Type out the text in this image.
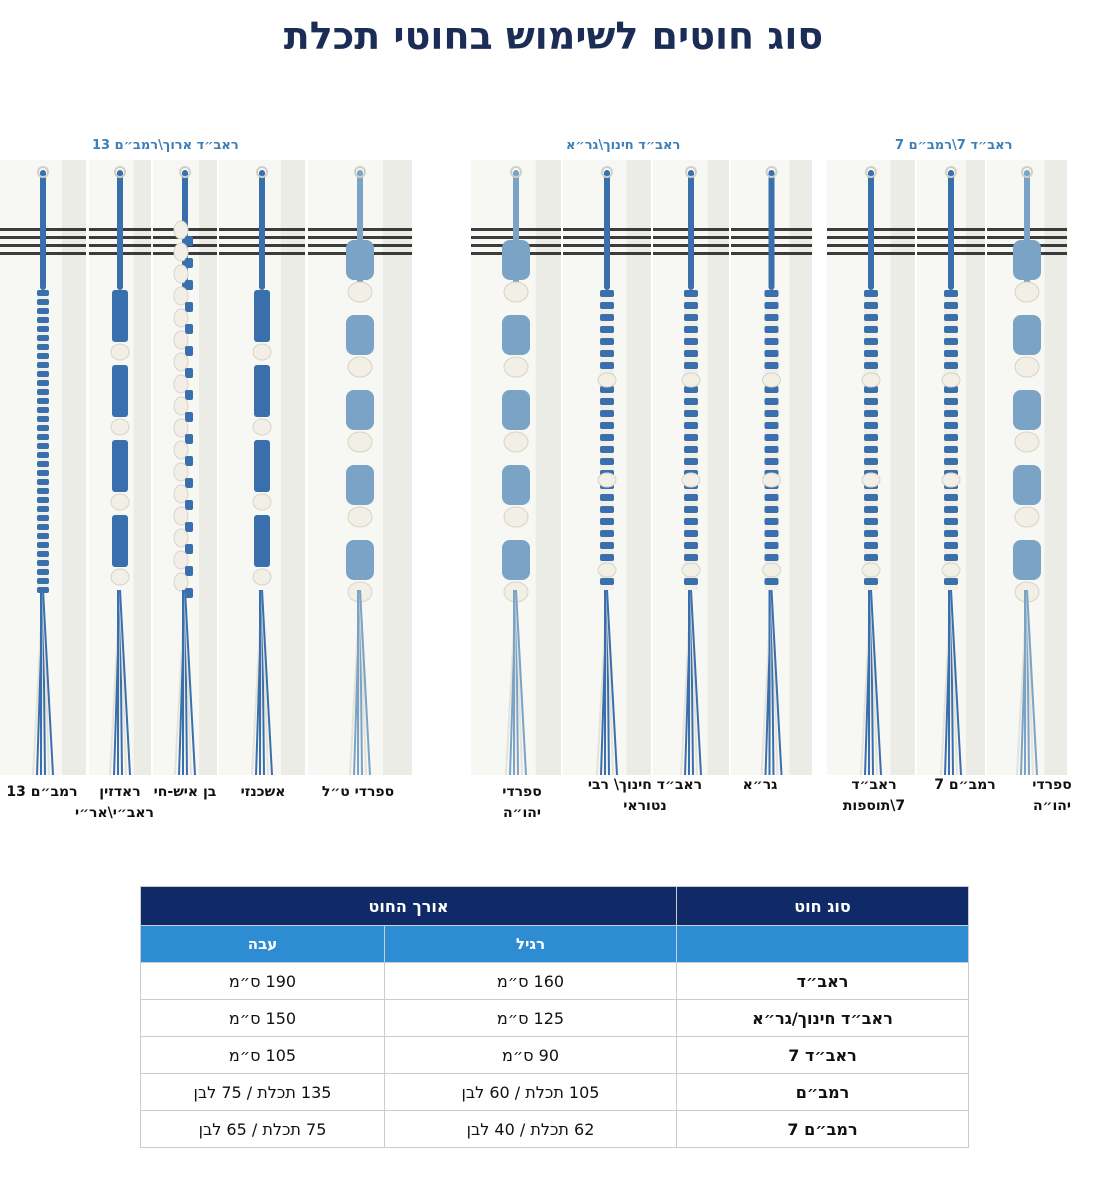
סוג חוטים לשימוש בחוטי תכלת
ראב״ד ארוך\רמב״ם 13	ראב״ד חינוך\גר״א	ראב״ד 7\רמב״ם 7
רמב״ם 13	ראדזין ראב״י\אר״י
בן איש-חי	אשכנזי	ספרדי ט״ל	ספרדי יהו״ה
ראב״ד חינוך\ רבי נטוראי
גר״א	ראב״ד 7\תוספות
רמב״ם 7	ספרדי יהו״ה
סוג חוט	אורך החוט	
	רגיל	עבה
ראב״ד	160 ס״מ	190 ס״מ
ראב״ד חינוך/גר״א	125 ס״מ	150 ס״מ
ראב״ד 7	90 ס״מ	105 ס״מ
רמב״ם	105 תכלת / 60 לבן	135 תכלת / 75 לבן
רמב״ם 7	62 תכלת / 40 לבן	75 תכלת / 65 לבן
